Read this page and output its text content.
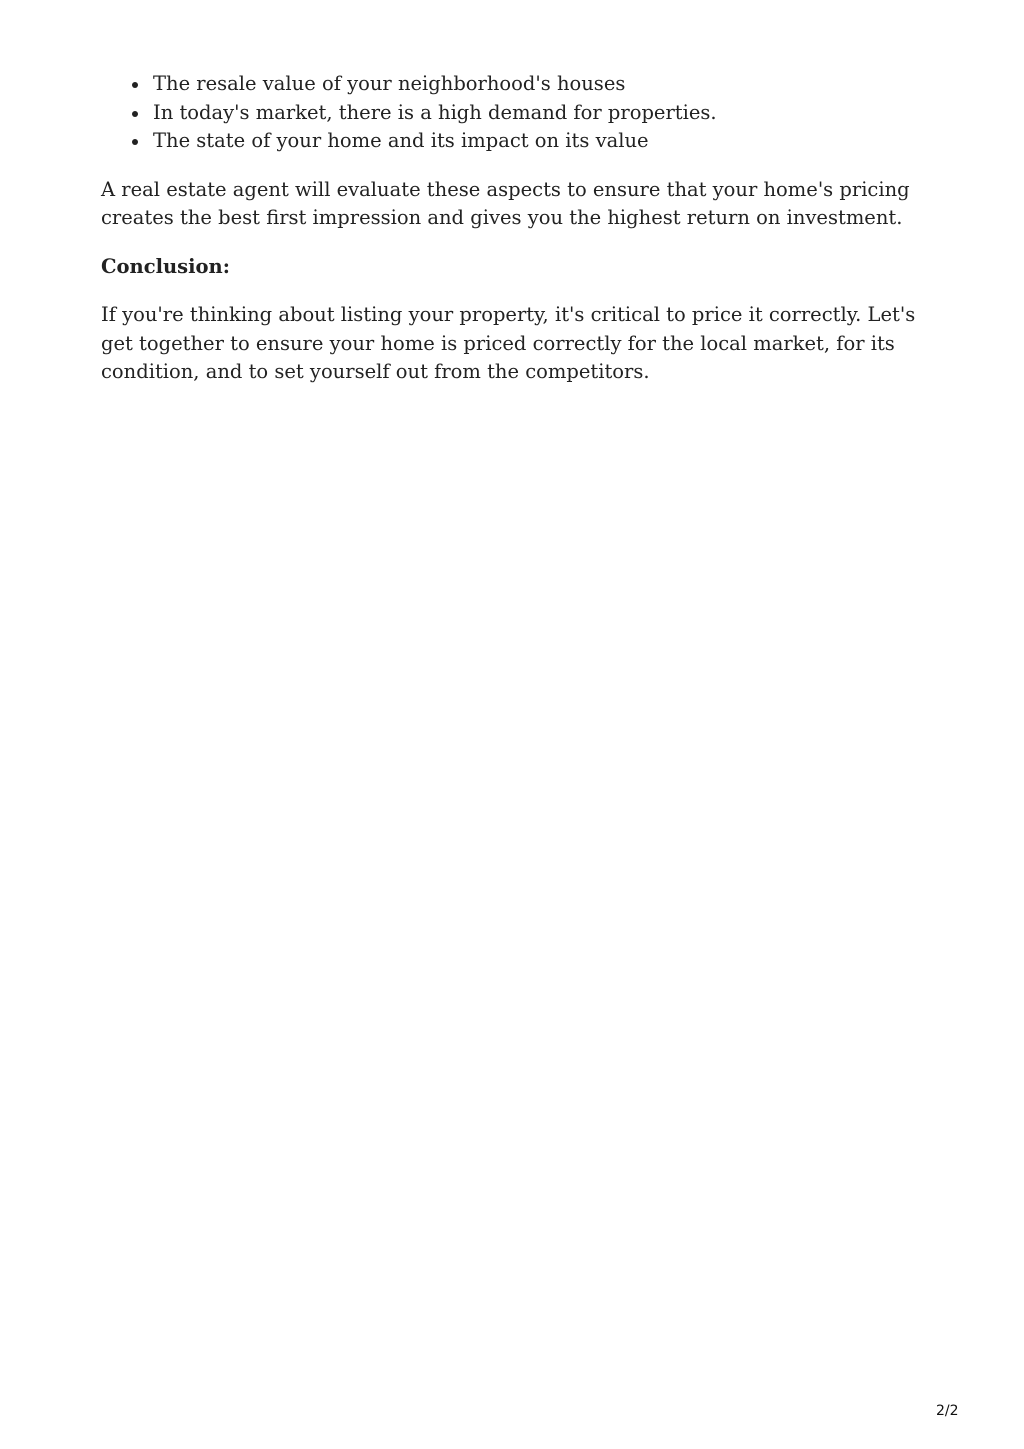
The resale value of your neighborhood's houses
In today's market, there is a high demand for properties.
The state of your home and its impact on its value

A real estate agent will evaluate these aspects to ensure that your home's pricing creates the best first impression and gives you the highest return on investment.

Conclusion:

If you're thinking about listing your property, it's critical to price it correctly. Let's get together to ensure your home is priced correctly for the local market, for its condition, and to set yourself out from the competitors.

2/2
